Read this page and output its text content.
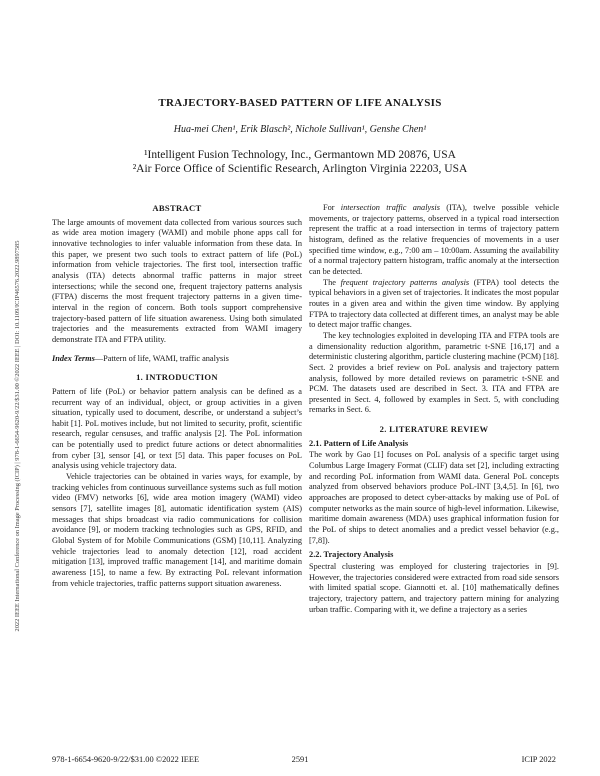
2022 IEEE International Conference on Image Processing (ICIP) | 978-1-6654-9620-9/22/$31.00 ©2022 IEEE | DOI: 10.1109/ICIP46576.2022.9897585
TRAJECTORY-BASED PATTERN OF LIFE ANALYSIS
Hua-mei Chen¹, Erik Blasch², Nichole Sullivan¹, Genshe Chen¹
¹Intelligent Fusion Technology, Inc., Germantown MD 20876, USA
²Air Force Office of Scientific Research, Arlington Virginia 22203, USA
ABSTRACT

The large amounts of movement data collected from various sources such as wide area motion imagery (WAMI) and mobile phone apps call for innovative technologies to infer valuable information from these data. In this paper, we present two such tools to extract pattern of life (PoL) information from vehicle trajectories. The first tool, intersection traffic analysis (ITA) detects abnormal traffic patterns in major street intersections; while the second one, frequent trajectory patterns analysis (FTPA) discerns the most frequent trajectory patterns in a given time-interval in the region of concern. Both tools support comprehensive trajectory-based pattern of life situation awareness. Using both simulated trajectories and the measurements extracted from WAMI imagery demonstrate ITA and FTPA utility.

Index Terms—Pattern of life, WAMI, traffic analysis

1. INTRODUCTION

Pattern of life (PoL) or behavior pattern analysis can be defined as a recurrent way of an individual, object, or group activities in a given situation, typically used to document, describe, or understand a subject’s habit [1]. PoL motives include, but not limited to security, profit, scientific research, regular censuses, and traffic analysis [2]. The PoL information can be potentially used to predict future actions or detect abnormalities from cyber [3], sensor [4], or text [5] data. This paper focuses on PoL analysis using vehicle trajectory data.

Vehicle trajectories can be obtained in varies ways, for example, by tracking vehicles from continuous surveillance systems such as full motion video (FMV) networks [6], wide area motion imagery (WAMI) video sensors [7], satellite images [8], automatic identification system (AIS) messages that ships broadcast via radio communications for collision avoidance [9], or modern tracking technologies such as GPS, RFID, and Global System of for Mobile Communications (GSM) [10,11]. Analyzing vehicle trajectories lead to anomaly detection [12], road accident mitigation [13], improved traffic management [14], and maritime domain awareness [15], to name a few. By extracting PoL relevant information from vehicle trajectories, traffic patterns support situation awareness.

For intersection traffic analysis (ITA), twelve possible vehicle movements, or trajectory patterns, observed in a typical road intersection represent the traffic at a road intersection in terms of trajectory pattern histogram, defined as the relative frequencies of movements in a user specified time window, e.g., 7:00 am – 10:00am. Assuming the availability of a normal trajectory pattern histogram, traffic anomaly at the intersection can be detected.

The frequent trajectory patterns analysis (FTPA) tool detects the typical behaviors in a given set of trajectories. It indicates the most popular routes in a given area and within the given time window. By applying FTPA to trajectory data collected at different times, an analyst may be able to detect major traffic changes.

The key technologies exploited in developing ITA and FTPA tools are a dimensionality reduction algorithm, parametric t-SNE [16,17] and a deterministic clustering algorithm, particle clustering machine (PCM) [18]. Sect. 2 provides a brief review on PoL analysis and trajectory pattern analysis, followed by more detailed reviews on parametric t-SNE and PCM. The datasets used are described in Sect. 3. ITA and FTPA are presented in Sect. 4, followed by examples in Sect. 5, with concluding remarks in Sect. 6.

2. LITERATURE REVIEW
2.1. Pattern of Life Analysis

The work by Gao [1] focuses on PoL analysis of a specific target using Columbus Large Imagery Format (CLIF) data set [2], including extracting and recording PoL information from WAMI data. General PoL concepts analyzed from observed behaviors produce PoL-INT [3,4,5]. In [6], two approaches are proposed to detect cyber-attacks by making use of PoL of computer networks as the main source of high-level information. Likewise, maritime domain awareness (MDA) uses graphical information fusion for the PoL of ships to detect anomalies and a predict vessel behavior (e.g., [7,8]).

2.2. Trajectory Analysis

Spectral clustering was employed for clustering trajectories in [9]. However, the trajectories considered were extracted from road side sensors with limited spatial scope. Giannotti et. al. [10] mathematically defines trajectory, trajectory pattern, and trajectory pattern mining for analyzing urban traffic. Comparing with it, we define a trajectory as a series

978-1-6654-9620-9/22/$31.00 ©2022 IEEE	2591	ICIP 2022
